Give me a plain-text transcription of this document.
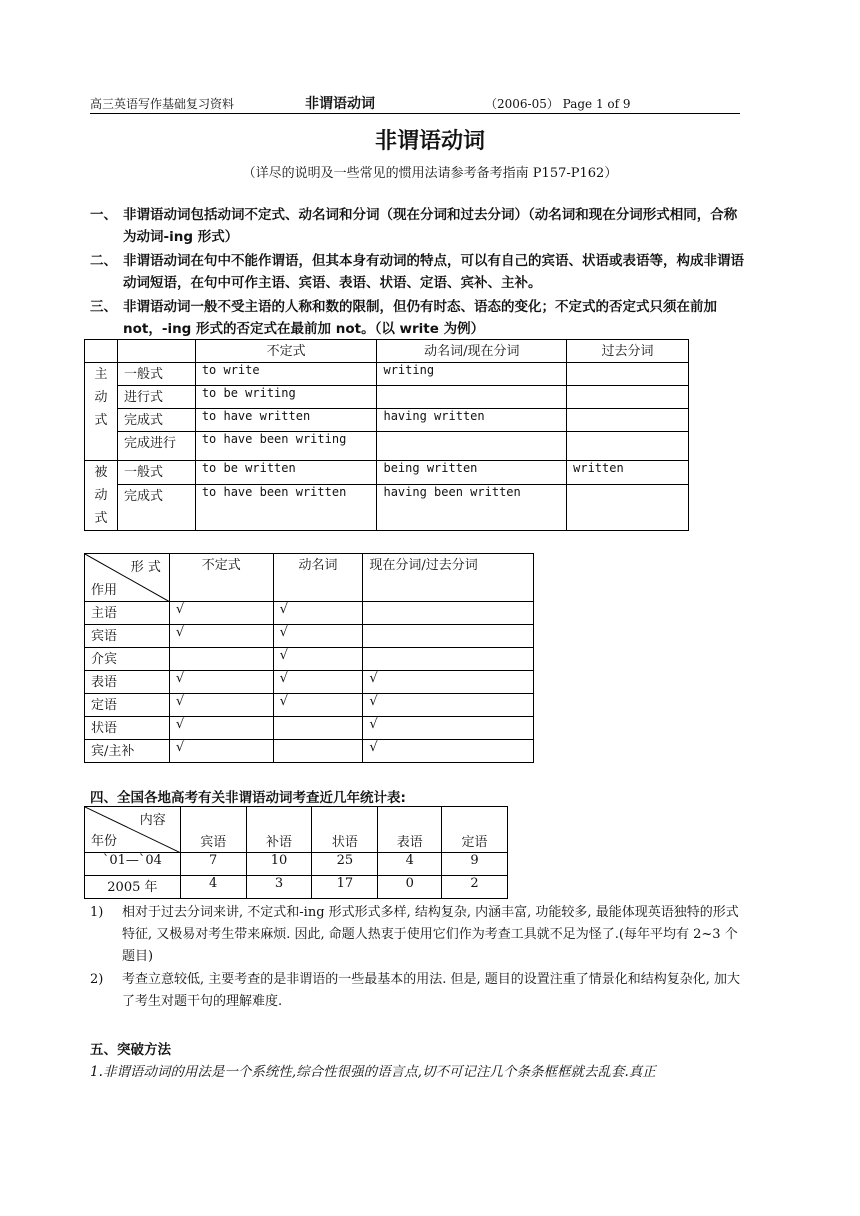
高三英语写作基础复习资料	非谓语动词	（2006-05） Page 1 of 9
非谓语动词
（详尽的说明及一些常见的惯用法请参考备考指南 P157-P162）
一、 非谓语动词包括动词不定式、动名词和分词（现在分词和过去分词）（动名词和现在分词形式相同，合称为动词-ing 形式）
二、 非谓语动词在句中不能作谓语，但其本身有动词的特点，可以有自己的宾语、状语或表语等，构成非谓语动词短语，在句中可作主语、宾语、表语、状语、定语、宾补、主补。
三、 非谓语动词一般不受主语的人称和数的限制，但仍有时态、语态的变化；不定式的否定式只须在前加 not，-ing 形式的否定式在最前加 not。（以 write 为例）
		不定式	动名词/现在分词	过去分词
主
动
式	一般式	to write	writing	
	进行式	to be writing		
	完成式	to have written	having written	
	完成进行	to have been writing		
被
动
式	一般式	to be written	being written	written
	完成式	to have been written	having been written	
形 式
作用	不定式	动名词	现在分词/过去分词
主语	√	√	
宾语	√	√	
介宾		√	
表语	√	√	√
定语	√	√	√
状语	√		√
宾/主补	√		√
四、全国各地高考有关非谓语动词考查近几年统计表:
内容
年份	宾语	补语	状语	表语	定语
`01—`04	7	10	25	4	9
2005 年	4	3	17	0	2
1) 相对于过去分词来讲, 不定式和-ing 形式形式多样, 结构复杂, 内涵丰富, 功能较多, 最能体现英语独特的形式特征, 又极易对考生带来麻烦. 因此, 命题人热衷于使用它们作为考查工具就不足为怪了.(每年平均有 2~3 个题目)
2) 考查立意较低, 主要考查的是非谓语的一些最基本的用法. 但是, 题目的设置注重了情景化和结构复杂化, 加大了考生对题干句的理解难度.
五、突破方法
1.非谓语动词的用法是一个系统性,综合性很强的语言点,切不可记注几个条条框框就去乱套.真正
